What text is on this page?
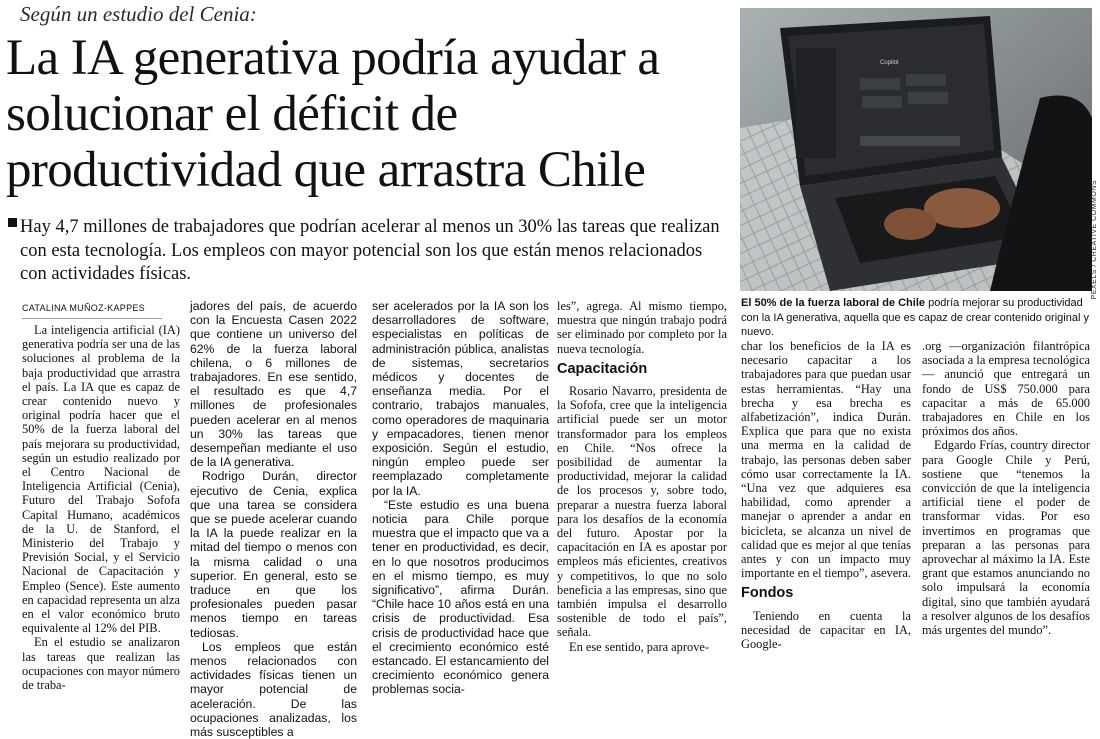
Según un estudio del Cenia:
La IA generativa podría ayudar a solucionar el déficit de productividad que arrastra Chile
Hay 4,7 millones de trabajadores que podrían acelerar al menos un 30% las tareas que realizan con esta tecnología. Los empleos con mayor potencial son los que están menos relacionados con actividades físicas.
Copilot
PEXELS / CREATIVE COMMONS
El 50% de la fuerza laboral de Chile podría mejorar su productividad con la IA generativa, aquella que es capaz de crear contenido original y nuevo.
CATALINA MUÑOZ-KAPPES

La inteligencia artificial (IA) generativa podría ser una de las soluciones al problema de la baja productividad que arrastra el país. La IA que es capaz de crear contenido nuevo y original podría hacer que el 50% de la fuerza laboral del país mejorara su productividad, según un estudio realizado por el Centro Nacional de Inteligencia Artificial (Cenia), Futuro del Trabajo Sofofa Capital Humano, académicos de la U. de Stanford, el Ministerio del Trabajo y Previsión Social, y el Servicio Nacional de Capacitación y Empleo (Sence). Este aumento en capacidad representa un alza en el valor económico bruto equivalente al 12% del PIB.

En el estudio se analizaron las tareas que realizan las ocupaciones con mayor número de traba-

jadores del país, de acuerdo con la Encuesta Casen 2022 que contiene un universo del 62% de la fuerza laboral chilena, o 6 millones de trabajadores. En ese sentido, el resultado es que 4,7 millones de profesionales pueden acelerar en al menos un 30% las tareas que desempeñan mediante el uso de la IA generativa.

Rodrigo Durán, director ejecutivo de Cenia, explica que una tarea se considera que se puede acelerar cuando la IA la puede realizar en la mitad del tiempo o menos con la misma calidad o una superior. En general, esto se traduce en que los profesionales pueden pasar menos tiempo en tareas tediosas.

Los empleos que están menos relacionados con actividades físicas tienen un mayor potencial de aceleración. De las ocupaciones analizadas, los más susceptibles a

ser acelerados por la IA son los desarrolladores de software, especialistas en políticas de administración pública, analistas de sistemas, secretarios médicos y docentes de enseñanza media. Por el contrario, trabajos manuales, como operadores de maquinaria y empacadores, tienen menor exposición. Según el estudio, ningún empleo puede ser reemplazado completamente por la IA.

“Este estudio es una buena noticia para Chile porque muestra que el impacto que va a tener en productividad, es decir, en lo que nosotros producimos en el mismo tiempo, es muy significativo”, afirma Durán. “Chile hace 10 años está en una crisis de productividad. Esa crisis de productividad hace que el crecimiento económico esté estancado. El estancamiento del crecimiento económico genera problemas socia-

les”, agrega. Al mismo tiempo, muestra que ningún trabajo podrá ser eliminado por completo por la nueva tecnología.

Capacitación

Rosario Navarro, presidenta de la Sofofa, cree que la inteligencia artificial puede ser un motor transformador para los empleos en Chile. “Nos ofrece la posibilidad de aumentar la productividad, mejorar la calidad de los procesos y, sobre todo, preparar a nuestra fuerza laboral para los desafíos de la economía del futuro. Apostar por la capacitación en IA es apostar por empleos más eficientes, creativos y competitivos, lo que no solo beneficia a las empresas, sino que también impulsa el desarrollo sostenible de todo el país”, señala.

En ese sentido, para aprove-

char los beneficios de la IA es necesario capacitar a los trabajadores para que puedan usar estas herramientas. “Hay una brecha y esa brecha es alfabetización”, indica Durán. Explica que para que no exista una merma en la calidad de trabajo, las personas deben saber cómo usar correctamente la IA. “Una vez que adquieres esa habilidad, como aprender a manejar o aprender a andar en bicicleta, se alcanza un nivel de calidad que es mejor al que tenías antes y con un impacto muy importante en el tiempo”, asevera.

Fondos

Teniendo en cuenta la necesidad de capacitar en IA, Google-

.org —organización filantrópica asociada a la empresa tecnológica— anunció que entregará un fondo de US$ 750.000 para capacitar a más de 65.000 trabajadores en Chile en los próximos dos años.

Edgardo Frías, country director para Google Chile y Perú, sostiene que “tenemos la convicción de que la inteligencia artificial tiene el poder de transformar vidas. Por eso invertimos en programas que preparan a las personas para aprovechar al máximo la IA. Este grant que estamos anunciando no solo impulsará la economía digital, sino que también ayudará a resolver algunos de los desafíos más urgentes del mundo”.
